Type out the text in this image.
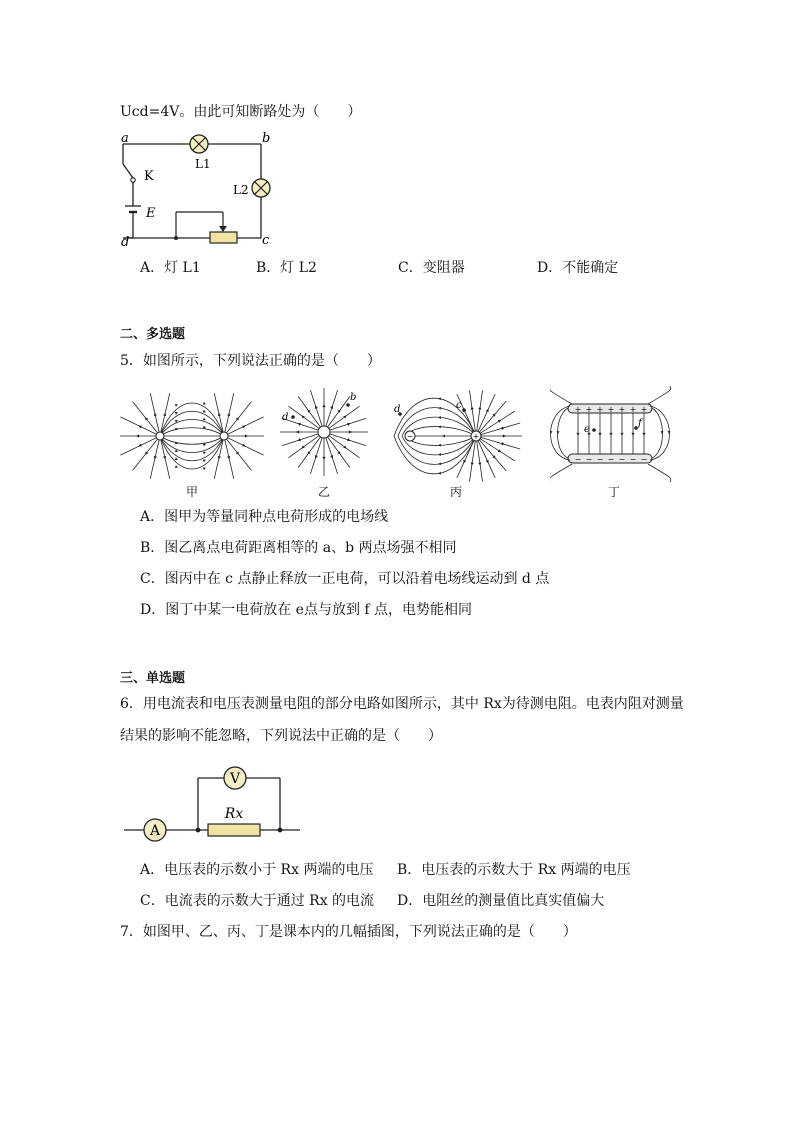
Ucd=4V。由此可知断路处为（　　）
a	b
c
d
K
E
L1
L2
A．灯 L1	B．灯 L2	C．变阻器	D．不能确定
二、多选题
5．如图所示，下列说法正确的是（　　）
d
b
−	+
d	c	+
−
+
−
+
−
+
−
+
−
+
−
+
−
e
f
甲	乙	丙	丁
A．图甲为等量同种点电荷形成的电场线
B．图乙离点电荷距离相等的 a、b 两点场强不相同
C．图丙中在 c 点静止释放一正电荷，可以沿着电场线运动到 d 点
D．图丁中某一电荷放在 e点与放到 f 点，电势能相同
三、单选题
6．用电流表和电压表测量电阻的部分电路如图所示，其中 Rx为待测电阻。电表内阻对测量
结果的影响不能忽略，下列说法中正确的是（　　）
A
Rx
V
A．电压表的示数小于 Rx 两端的电压 B．电压表的示数大于 Rx 两端的电压
C．电流表的示数大于通过 Rx 的电流 D．电阻丝的测量值比真实值偏大
7．如图甲、乙、丙、丁是课本内的几幅插图，下列说法正确的是（　　）
